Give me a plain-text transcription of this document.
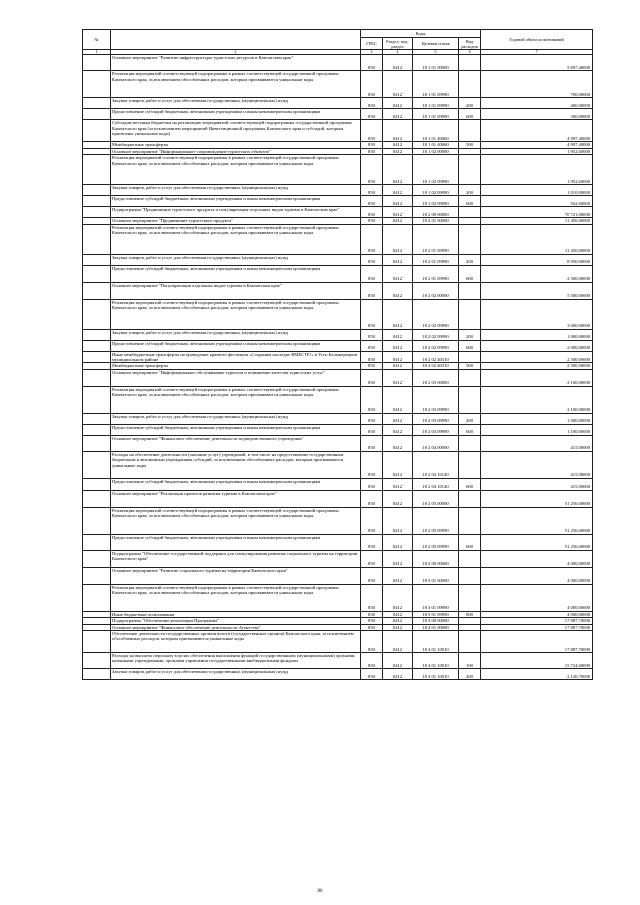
№		Коды				Годовой объем ассигнований
		ГРБС	Раздел, под-раздел	Целевая статья	Вид расходов	
1	2	3	4	5	6	7
	Основное мероприятие "Развитие инфраструктуры туристских ресурсов в Камчатском крае"	850	0412	18 1 01 00000		5 697,40000
	Реализация мероприятий соответствующей подпрограммы в рамках соответствующей государственной программы Камчатского края, за исключением обособленных расходов, которым присваиваются уникальные коды	850	0412	18 1 01 09990		700,00000
	Закупка товаров, работ и услуг для обеспечения государственных (муниципальных) нужд	850	0412	18 1 01 09990	200	400,00000
	Предоставление субсидий бюджетным, автономным учреждениям и иным некоммерческим организациям	850	0412	18 1 01 09990	600	300,00000
	Субсидии местным бюджетам на реализацию мероприятий соответствующей подпрограммы государственной программы Камчатского края (за исключением мероприятий Инвестиционной программы Камчатского края и субсидий, которым присвоены уникальные коды)	850	0412	18 1 01 40060		4 997,40000
	Межбюджетные трансферты	850	0412	18 1 01 40060	500	4 997,40000
	Основное мероприятие "Информационное сопровождение туристских объектов"	850	0412	18 1 02 00000		1 952,60000
	Реализация мероприятий соответствующей подпрограммы в рамках соответствующей государственной программы Камчатского края, за исключением обособленных расходов, которым присваиваются уникальные коды	850	0412	18 1 02 09990		1 952,60000
	Закупка товаров, работ и услуг для обеспечения государственных (муниципальных) нужд	850	0412	18 1 02 09990	200	1 010,00000
	Предоставление субсидий бюджетным, автономным учреждениям и иным некоммерческим организациям	850	0412	18 1 02 09990	600	942,60000
	Подпрограмма "Продвижение туристского продукта и популяризация отдельных видов туризма в Камчатском крае"	850	0412	18 2 00 00000		70 721,00000
	Основное мероприятие "Продвижение туристского продукта"	850	0412	18 2 01 00000		11 450,00000
	Реализация мероприятий соответствующей подпрограммы в рамках соответствующей государственной программы Камчатского края, за исключением обособленных расходов, которым присваиваются уникальные коды	850	0412	18 2 01 09990		11 450,00000
	Закупка товаров, работ и услуг для обеспечения государственных (муниципальных) нужд	850	0412	18 2 01 09990	200	8 950,00000
	Предоставление субсидий бюджетным, автономным учреждениям и иным некоммерческим организациям	850	0412	18 2 01 09990	600	2 500,00000
	Основное мероприятие "Популяризация отдельных видов туризма в Камчатском крае"	850	0412	18 2 02 00000		5 500,00000
	Реализация мероприятий соответствующей подпрограммы в рамках соответствующей государственной программы Камчатского края, за исключением обособленных расходов, которым присваиваются уникальные коды	850	0412	18 2 02 09990		3 000,00000
	Закупка товаров, работ и услуг для обеспечения государственных (муниципальных) нужд	850	0412	18 2 02 09990	200	1 000,00000
	Предоставление субсидий бюджетным, автономным учреждениям и иным некоммерческим организациям	850	0412	18 2 02 09990	600	2 000,00000
	Иные межбюджетные трансферты на проведение краевого фестиваля «Сохраним наследие ВМЕСТЕ!» в Усть-Большерецком муниципальном районе	850	0412	18 2 02 40310		2 500,00000
	Межбюджетные трансферты	850	0412	18 2 02 40310	500	2 500,00000
	Основное мероприятие "Информационное обслуживание туристов и повышение качества туристских услуг"	850	0412	18 2 03 00000		2 100,00000
	Реализация мероприятий соответствующей подпрограммы в рамках соответствующей государственной программы Камчатского края, за исключением обособленных расходов, которым присваиваются уникальные коды	850	0412	18 2 03 09990		2 100,00000
	Закупка товаров, работ и услуг для обеспечения государственных (муниципальных) нужд	850	0412	18 2 03 09990	200	1 000,00000
	Предоставление субсидий бюджетным, автономным учреждениям и иным некоммерческим организациям	850	0412	18 2 03 09990	600	1 100,00000
	Основное мероприятие "Финансовое обеспечение деятельности подведомственного учреждения"	850	0412	18 2 04 00000		415,00000
	Расходы на обеспечение деятельности (оказание услуг) учреждений, в том числе на предоставление государственным бюджетным и автономным учреждениям субсидий, за исключением обособленных расходов, которым присваиваются уникальные коды	850	0412	18 2 04 10140		415,00000
	Предоставление субсидий бюджетным, автономным учреждениям и иным некоммерческим организациям	850	0412	18 2 04 10140	600	415,00000
	Основное мероприятие "Реализация проектов развития туризма в Камчатском крае"	850	0412	18 2 05 00000		51 256,00000
	Реализация мероприятий соответствующей подпрограммы в рамках соответствующей государственной программы Камчатского края, за исключением обособленных расходов, которым присваиваются уникальные коды	850	0412	18 2 05 09990		51 256,00000
	Предоставление субсидий бюджетным, автономным учреждениям и иным некоммерческим организациям	850	0412	18 2 05 09990	600	51 256,00000
	Подпрограмма "Обеспечение государственной поддержки для стимулирования развития социального туризма на территории Камчатского края"	850	0412	18 3 00 00000		4 000,00000
	Основное мероприятие "Развитие социального туризма на территории Камчатского края"	850	0412	18 3 01 00000		4 000,00000
	Реализация мероприятий соответствующей подпрограммы в рамках соответствующей государственной программы Камчатского края, за исключением обособленных расходов, которым присваиваются уникальные коды	850	0412	18 3 01 09990		4 000,00000
	Иные бюджетные ассигнования	850	0412	18 3 01 09990	800	4 000,00000
	Подпрограмма "Обеспечение реализации Программы"	850	0412	18 4 00 00000		17 887,70000
	Основное мероприятие "Финансовое обеспечение деятельности Агентства"	850	0412	18 4 01 00000		17 887,70000
	Обеспечение деятельности государственных органов власти (государственных органов) Камчатского края, за исключением обособленных расходов, которым присваиваются уникальные коды	850	0412	18 4 01 10010		17 887,70000
	Расходы на выплаты персоналу в целях обеспечения выполнения функций государственными (муниципальными) органами, казенными учреждениями, органами управления государственными внебюджетными фондами	850	0412	18 4 01 10010	100	15 724,00000
	Закупка товаров, работ и услуг для обеспечения государственных (муниципальных) нужд	850	0412	18 4 01 10010	200	2 120,70000
86
